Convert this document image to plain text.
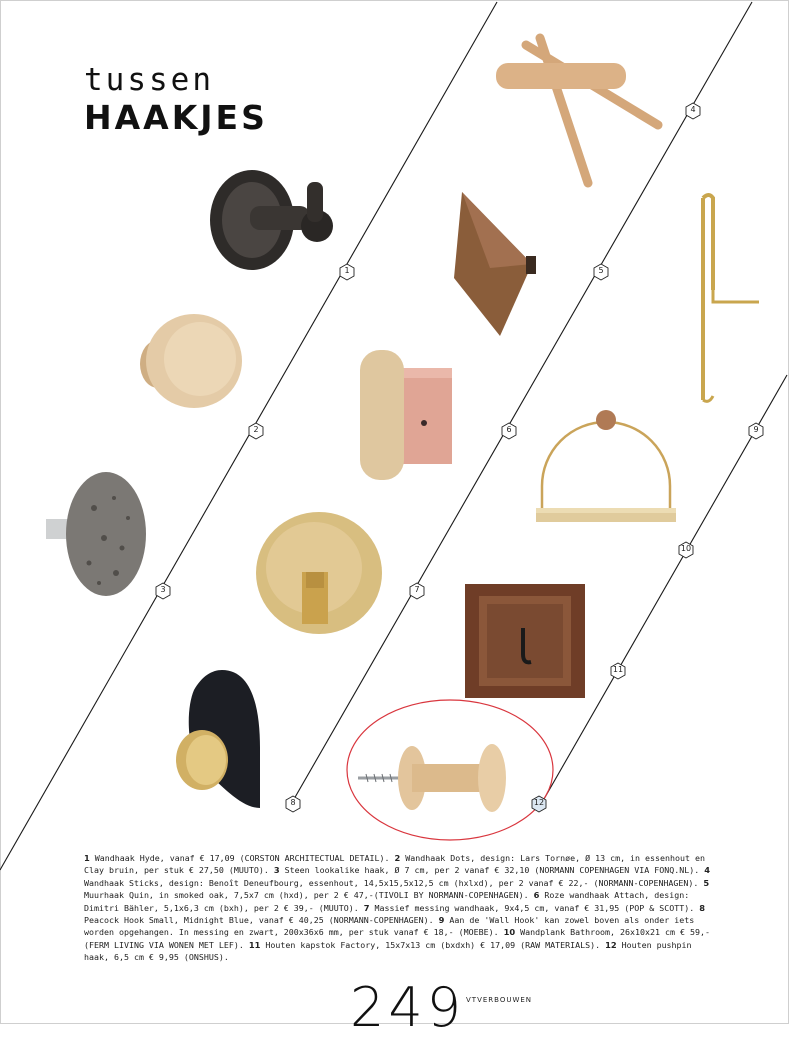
tussen
HAAKJES
1
2
3
4
5
6
7
8
9
10
11
12
1 Wandhaak Hyde, vanaf € 17,09 (CORSTON ARCHITECTUAL DETAIL). 2 Wandhaak Dots, design: Lars Tornøe, Ø 13 cm, in essenhout en Clay bruin, per stuk € 27,50 (MUUTO). 3 Steen lookalike haak, Ø 7 cm, per 2 vanaf € 32,10 (NORMANN COPENHAGEN VIA FONQ.NL). 4 Wandhaak Sticks, design: Benoît Deneufbourg, essenhout, 14,5x15,5x12,5 cm (hxlxd), per 2 vanaf € 22,- (NORMANN-COPENHAGEN). 5 Muurhaak Quin, in smoked oak, 7,5x7 cm (hxd), per 2 € 47,-(TIVOLI BY NORMANN-COPENHAGEN). 6 Roze wandhaak Attach, design: Dimitri Bähler, 5,1x6,3 cm (bxh), per 2 € 39,- (MUUTO). 7 Massief messing wandhaak, 9x4,5 cm, vanaf € 31,95 (POP & SCOTT). 8 Peacock Hook Small, Midnight Blue, vanaf € 40,25 (NORMANN-COPENHAGEN). 9 Aan de 'Wall Hook' kan zowel boven als onder iets worden opgehangen. In messing en zwart, 200x36x6 mm, per stuk vanaf € 18,- (MOEBE). 10 Wandplank Bathroom, 26x10x21 cm € 59,- (FERM LIVING VIA WONEN MET LEF). 11 Houten kapstok Factory, 15x7x13 cm (bxdxh) € 17,09 (RAW MATERIALS). 12 Houten pushpin haak, 6,5 cm € 9,95 (ONSHUS).
249 VTVERBOUWEN
